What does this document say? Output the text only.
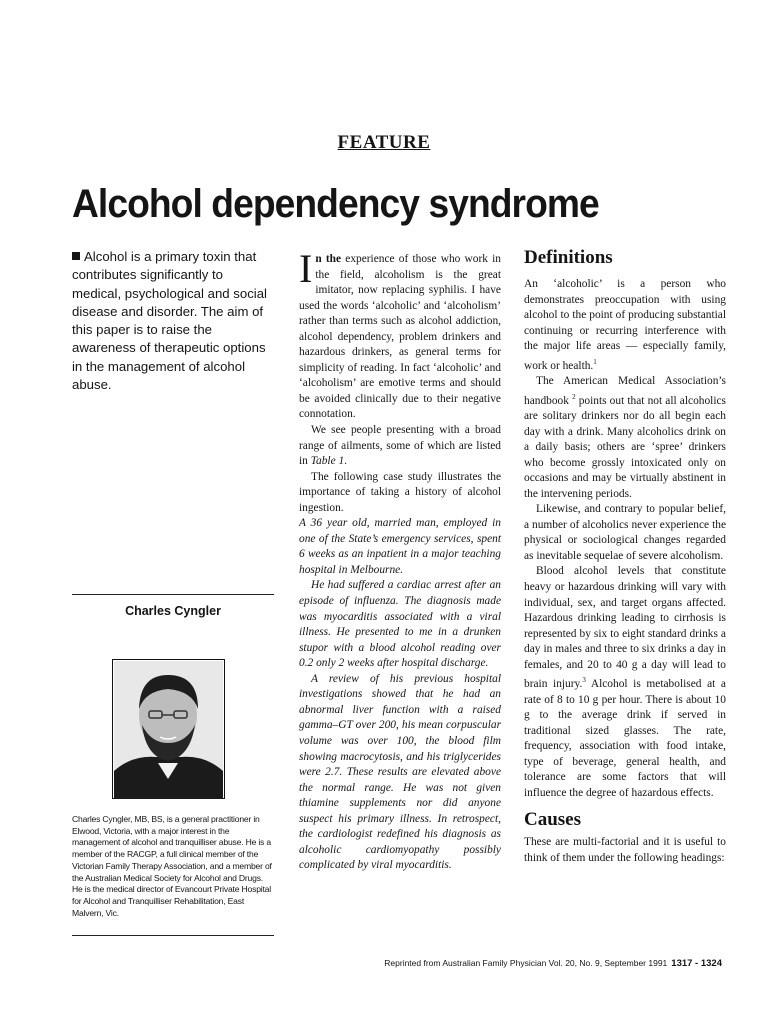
FEATURE
Alcohol dependency syndrome

Alcohol is a primary toxin that contributes significantly to medical, psychological and social disease and disorder. The aim of this paper is to raise the awareness of therapeutic options in the management of alcohol abuse.

Charles Cyngler

Charles Cyngler, MB, BS, is a general practitioner in Elwood, Victoria, with a major interest in the management of alcohol and tranquilliser abuse. He is a member of the RACGP, a full clinical member of the Victorian Family Therapy Association, and a member of the Australian Medical Society for Alcohol and Drugs. He is the medical director of Evancourt Private Hospital for Alcohol and Tranquilliser Rehabilitation, East Malvern, Vic.

In the experience of those who work in the field, alcoholism is the great imitator, now replacing syphilis. I have used the words ‘alcoholic’ and ‘alcoholism’ rather than terms such as alcohol addiction, alcohol dependency, problem drinkers and hazardous drinkers, as general terms for simplicity of reading. In fact ‘alcoholic’ and ‘alcoholism’ are emotive terms and should be avoided clinically due to their negative connotation.

We see people presenting with a broad range of ailments, some of which are listed in Table 1.

The following case study illustrates the importance of taking a history of alcohol ingestion.

A 36 year old, married man, employed in one of the State’s emergency services, spent 6 weeks as an inpatient in a major teaching hospital in Melbourne.

He had suffered a cardiac arrest after an episode of influenza. The diagnosis made was myocarditis associated with a viral illness. He presented to me in a drunken stupor with a blood alcohol reading over 0.2 only 2 weeks after hospital discharge.

A review of his previous hospital investigations showed that he had an abnormal liver function with a raised gamma–GT over 200, his mean corpuscular volume was over 100, the blood film showing macrocytosis, and his triglycerides were 2.7. These results are elevated above the normal range. He was not given thiamine supplements nor did anyone suspect his primary illness. In retrospect, the cardiologist redefined his diagnosis as alcoholic cardiomyopathy possibly complicated by viral myocarditis.

Definitions

An ‘alcoholic’ is a person who demonstrates preoccupation with using alcohol to the point of producing substantial continuing or recurring interference with the major life areas — especially family, work or health.$^1$

The American Medical Association’s handbook $^2$ points out that not all alcoholics are solitary drinkers nor do all begin each day with a drink. Many alcoholics drink on a daily basis; others are ‘spree’ drinkers who become grossly intoxicated only on occasions and may be virtually abstinent in the intervening periods.

Likewise, and contrary to popular belief, a number of alcoholics never experience the physical or sociological changes regarded as inevitable sequelae of severe alcoholism.

Blood alcohol levels that constitute heavy or hazardous drinking will vary with individual, sex, and target organs affected. Hazardous drinking leading to cirrhosis is represented by six to eight standard drinks a day in males and three to six drinks a day in females, and 20 to 40 g a day will lead to brain injury.$^3$ Alcohol is metabolised at a rate of 8 to 10 g per hour. There is about 10 g to the average drink if served in traditional sized glasses. The rate, frequency, association with food intake, type of beverage, general health, and tolerance are some factors that will influence the degree of hazardous effects.

Causes

These are multi-factorial and it is useful to think of them under the following headings:

Reprinted from Australian Family Physician Vol. 20, No. 9, September 1991 1317 - 1324
